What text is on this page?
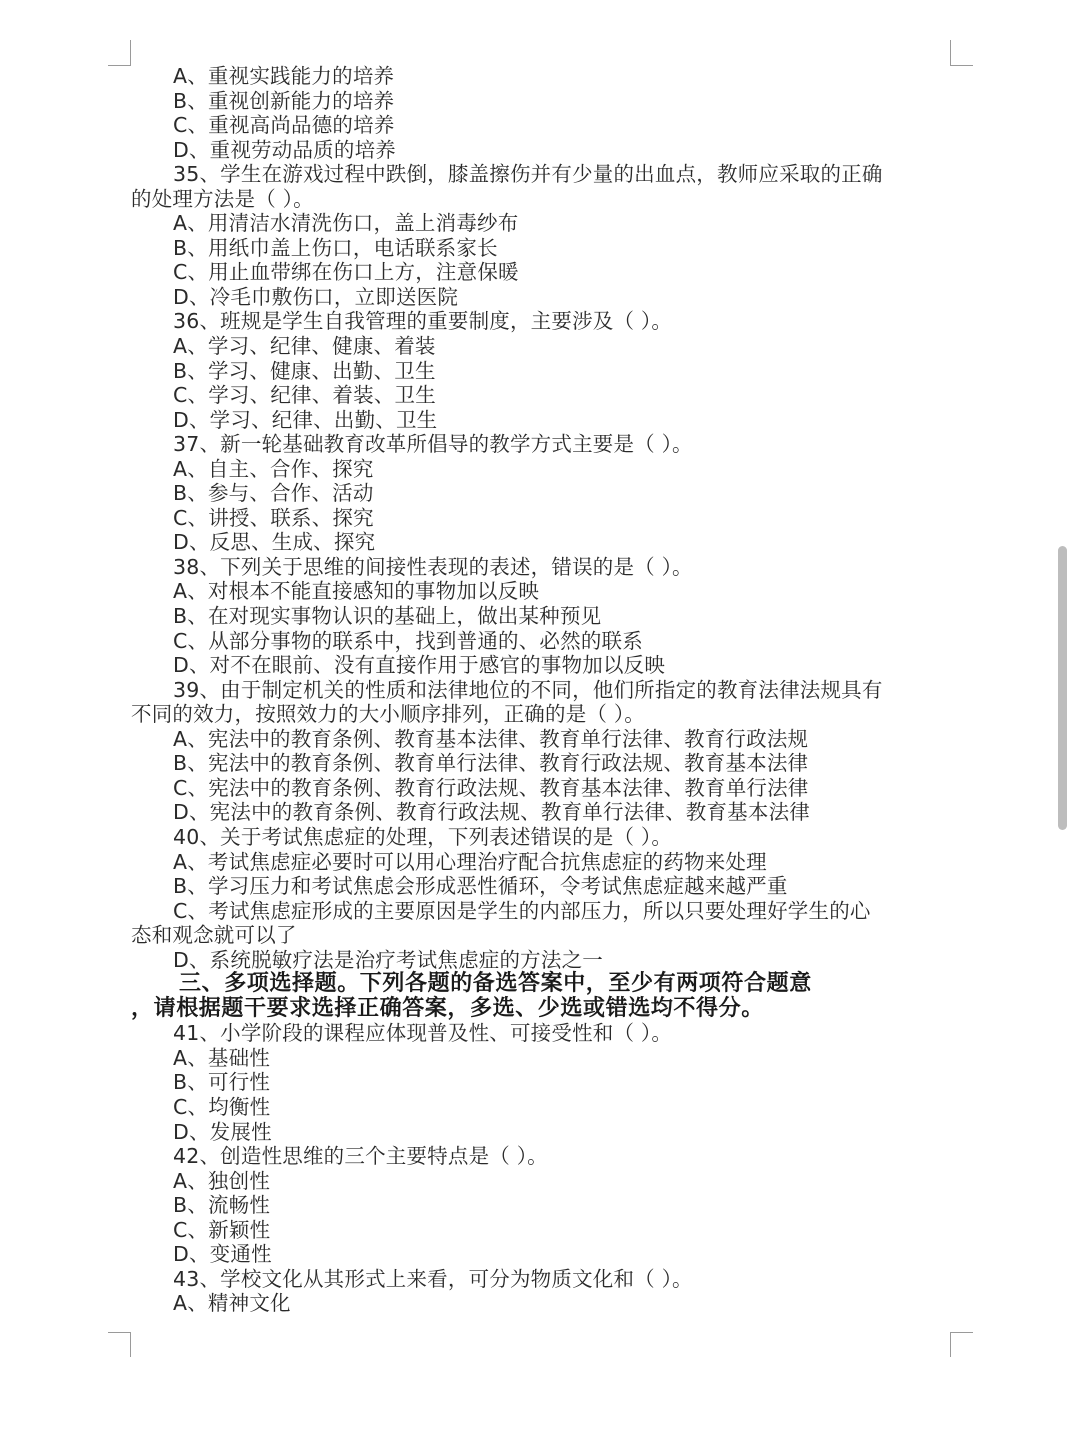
A、重视实践能力的培养
B、重视创新能力的培养
C、重视高尚品德的培养
D、重视劳动品质的培养
35、学生在游戏过程中跌倒，膝盖擦伤并有少量的出血点，教师应采取的正确
的处理方法是（ ）。
A、用清洁水清洗伤口，盖上消毒纱布
B、用纸巾盖上伤口，电话联系家长
C、用止血带绑在伤口上方，注意保暖
D、冷毛巾敷伤口，立即送医院
36、班规是学生自我管理的重要制度，主要涉及（ ）。
A、学习、纪律、健康、着装
B、学习、健康、出勤、卫生
C、学习、纪律、着装、卫生
D、学习、纪律、出勤、卫生
37、新一轮基础教育改革所倡导的教学方式主要是（ ）。
A、自主、合作、探究
B、参与、合作、活动
C、讲授、联系、探究
D、反思、生成、探究
38、下列关于思维的间接性表现的表述，错误的是（ ）。
A、对根本不能直接感知的事物加以反映
B、在对现实事物认识的基础上，做出某种预见
C、从部分事物的联系中，找到普通的、必然的联系
D、对不在眼前、没有直接作用于感官的事物加以反映
39、由于制定机关的性质和法律地位的不同，他们所指定的教育法律法规具有
不同的效力，按照效力的大小顺序排列，正确的是（ ）。
A、宪法中的教育条例、教育基本法律、教育单行法律、教育行政法规
B、宪法中的教育条例、教育单行法律、教育行政法规、教育基本法律
C、宪法中的教育条例、教育行政法规、教育基本法律、教育单行法律
D、宪法中的教育条例、教育行政法规、教育单行法律、教育基本法律
40、关于考试焦虑症的处理，下列表述错误的是（ ）。
A、考试焦虑症必要时可以用心理治疗配合抗焦虑症的药物来处理
B、学习压力和考试焦虑会形成恶性循环，令考试焦虑症越来越严重
C、考试焦虑症形成的主要原因是学生的内部压力，所以只要处理好学生的心
态和观念就可以了
D、系统脱敏疗法是治疗考试焦虑症的方法之一
三、多项选择题。下列各题的备选答案中，至少有两项符合题意
，请根据题干要求选择正确答案，多选、少选或错选均不得分。
41、小学阶段的课程应体现普及性、可接受性和（ ）。
A、基础性
B、可行性
C、均衡性
D、发展性
42、创造性思维的三个主要特点是（ ）。
A、独创性
B、流畅性
C、新颖性
D、变通性
43、学校文化从其形式上来看，可分为物质文化和（ ）。
A、精神文化
